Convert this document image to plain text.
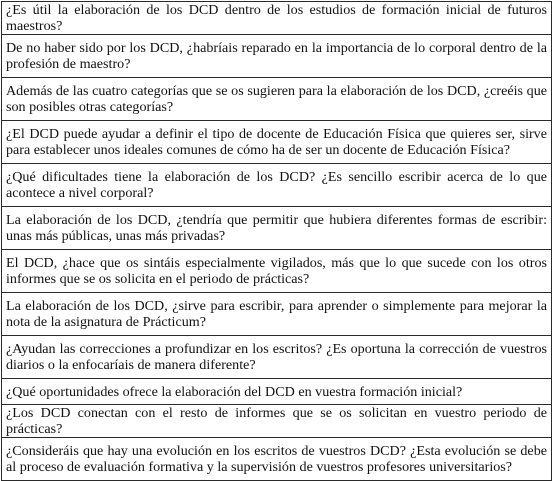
¿Es útil la elaboración de los DCD dentro de los estudios de formación inicial de futuros maestros?
De no haber sido por los DCD, ¿habríais reparado en la importancia de lo corporal dentro de la profesión de maestro?
Además de las cuatro categorías que se os sugieren para la elaboración de los DCD, ¿creéis que son posibles otras categorías?
¿El DCD puede ayudar a definir el tipo de docente de Educación Física que quieres ser, sirve para establecer unos ideales comunes de cómo ha de ser un docente de Educación Física?
¿Qué dificultades tiene la elaboración de los DCD? ¿Es sencillo escribir acerca de lo que acontece a nivel corporal?
La elaboración de los DCD, ¿tendría que permitir que hubiera diferentes formas de escribir: unas más públicas, unas más privadas?
El DCD, ¿hace que os sintáis especialmente vigilados, más que lo que sucede con los otros informes que se os solicita en el periodo de prácticas?
La elaboración de los DCD, ¿sirve para escribir, para aprender o simplemente para mejorar la nota de la asignatura de Prácticum?
¿Ayudan las correcciones a profundizar en los escritos? ¿Es oportuna la corrección de vuestros diarios o la enfocaríais de manera diferente?
¿Qué oportunidades ofrece la elaboración del DCD en vuestra formación inicial?
¿Los DCD conectan con el resto de informes que se os solicitan en vuestro periodo de prácticas?
¿Consideráis que hay una evolución en los escritos de vuestros DCD? ¿Esta evolución se debe al proceso de evaluación formativa y la supervisión de vuestros profesores universitarios?
